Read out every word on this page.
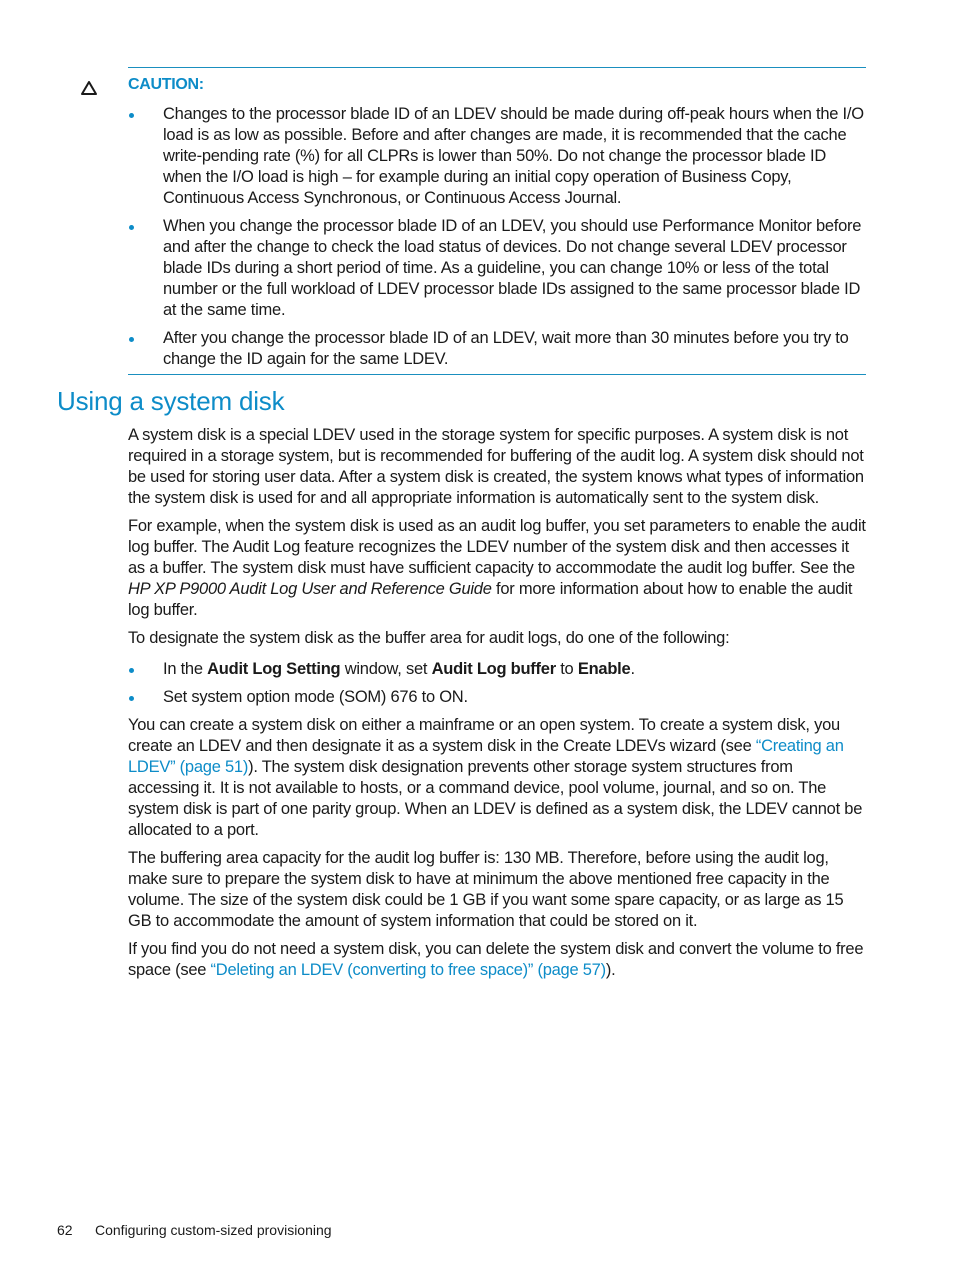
CAUTION:
Changes to the processor blade ID of an LDEV should be made during off-peak hours when the I/O load is as low as possible. Before and after changes are made, it is recommended that the cache write-pending rate (%) for all CLPRs is lower than 50%. Do not change the processor blade ID when the I/O load is high – for example during an initial copy operation of Business Copy, Continuous Access Synchronous, or Continuous Access Journal.
When you change the processor blade ID of an LDEV, you should use Performance Monitor before and after the change to check the load status of devices. Do not change several LDEV processor blade IDs during a short period of time. As a guideline, you can change 10% or less of the total number or the full workload of LDEV processor blade IDs assigned to the same processor blade ID at the same time.
After you change the processor blade ID of an LDEV, wait more than 30 minutes before you try to change the ID again for the same LDEV.
Using a system disk

A system disk is a special LDEV used in the storage system for specific purposes. A system disk is not required in a storage system, but is recommended for buffering of the audit log. A system disk should not be used for storing user data. After a system disk is created, the system knows what types of information the system disk is used for and all appropriate information is automatically sent to the system disk.

For example, when the system disk is used as an audit log buffer, you set parameters to enable the audit log buffer. The Audit Log feature recognizes the LDEV number of the system disk and then accesses it as a buffer. The system disk must have sufficient capacity to accommodate the audit log buffer. See the HP XP P9000 Audit Log User and Reference Guide for more information about how to enable the audit log buffer.

To designate the system disk as the buffer area for audit logs, do one of the following:

In the Audit Log Setting window, set Audit Log buffer to Enable.
Set system option mode (SOM) 676 to ON.

You can create a system disk on either a mainframe or an open system. To create a system disk, you create an LDEV and then designate it as a system disk in the Create LDEVs wizard (see “Creating an LDEV” (page 51)). The system disk designation prevents other storage system structures from accessing it. It is not available to hosts, or a command device, pool volume, journal, and so on. The system disk is part of one parity group. When an LDEV is defined as a system disk, the LDEV cannot be allocated to a port.

The buffering area capacity for the audit log buffer is: 130 MB. Therefore, before using the audit log, make sure to prepare the system disk to have at minimum the above mentioned free capacity in the volume. The size of the system disk could be 1 GB if you want some spare capacity, or as large as 15 GB to accommodate the amount of system information that could be stored on it.

If you find you do not need a system disk, you can delete the system disk and convert the volume to free space (see “Deleting an LDEV (converting to free space)” (page 57)).

62 Configuring custom-sized provisioning
